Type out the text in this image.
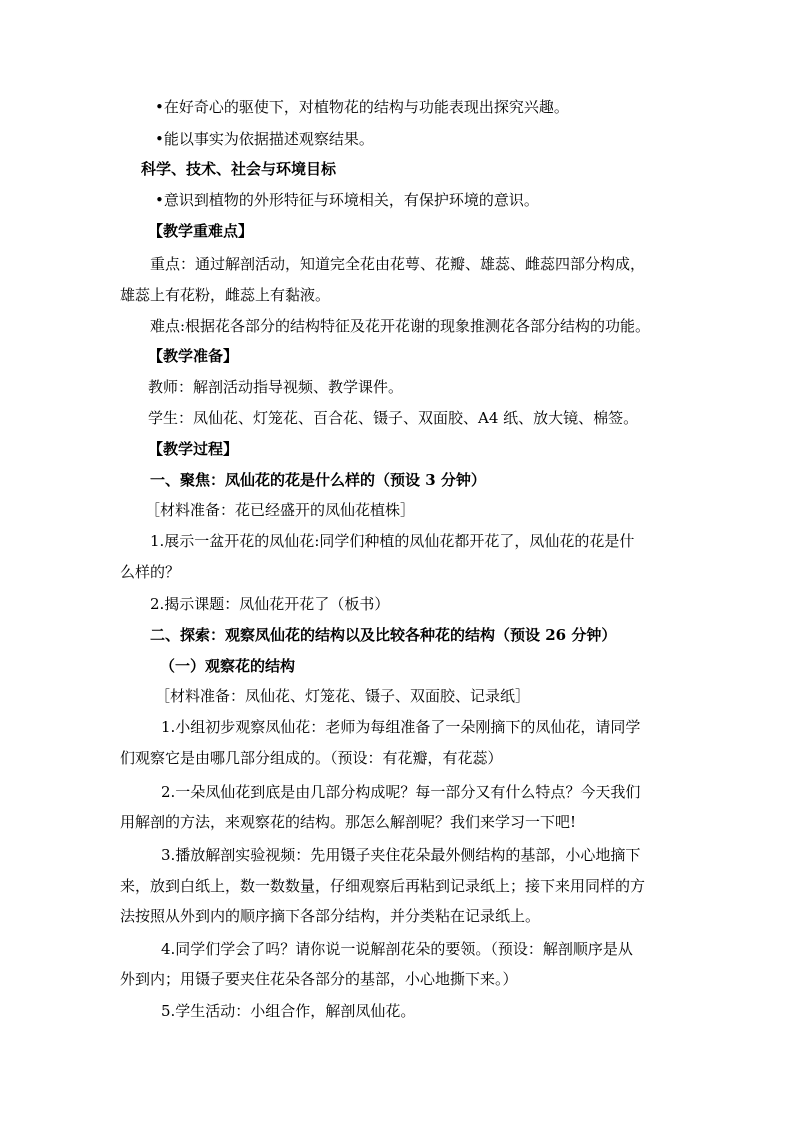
•在好奇心的驱使下，对植物花的结构与功能表现出探究兴趣。
•能以事实为依据描述观察结果。
科学、技术、社会与环境目标
•意识到植物的外形特征与环境相关，有保护环境的意识。
【教学重难点】
重点：通过解剖活动，知道完全花由花萼、花瓣、雄蕊、雌蕊四部分构成，
雄蕊上有花粉，雌蕊上有黏液。
难点:根据花各部分的结构特征及花开花谢的现象推测花各部分结构的功能。
【教学准备】
教师：解剖活动指导视频、教学课件。
学生：凤仙花、灯笼花、百合花、镊子、双面胶、A4 纸、放大镜、棉签。
【教学过程】
一、聚焦：凤仙花的花是什么样的（预设 3 分钟）
［材料准备：花已经盛开的凤仙花植株］
1.展示一盆开花的凤仙花:同学们种植的凤仙花都开花了，凤仙花的花是什
么样的？
2.揭示课题：凤仙花开花了（板书）
二、探索：观察凤仙花的结构以及比较各种花的结构（预设 26 分钟）
（一）观察花的结构
［材料准备：凤仙花、灯笼花、镊子、双面胶、记录纸］
1.小组初步观察凤仙花：老师为每组准备了一朵刚摘下的凤仙花，请同学
们观察它是由哪几部分组成的。（预设：有花瓣，有花蕊）
2.一朵凤仙花到底是由几部分构成呢？每一部分又有什么特点？今天我们
用解剖的方法，来观察花的结构。那怎么解剖呢？我们来学习一下吧!
3.播放解剖实验视频：先用镊子夹住花朵最外侧结构的基部，小心地摘下
来，放到白纸上，数一数数量，仔细观察后再粘到记录纸上；接下来用同样的方
法按照从外到内的顺序摘下各部分结构，并分类粘在记录纸上。
4.同学们学会了吗？请你说一说解剖花朵的要领。（预设：解剖顺序是从
外到内；用镊子要夹住花朵各部分的基部，小心地撕下来。）
5.学生活动：小组合作，解剖凤仙花。
